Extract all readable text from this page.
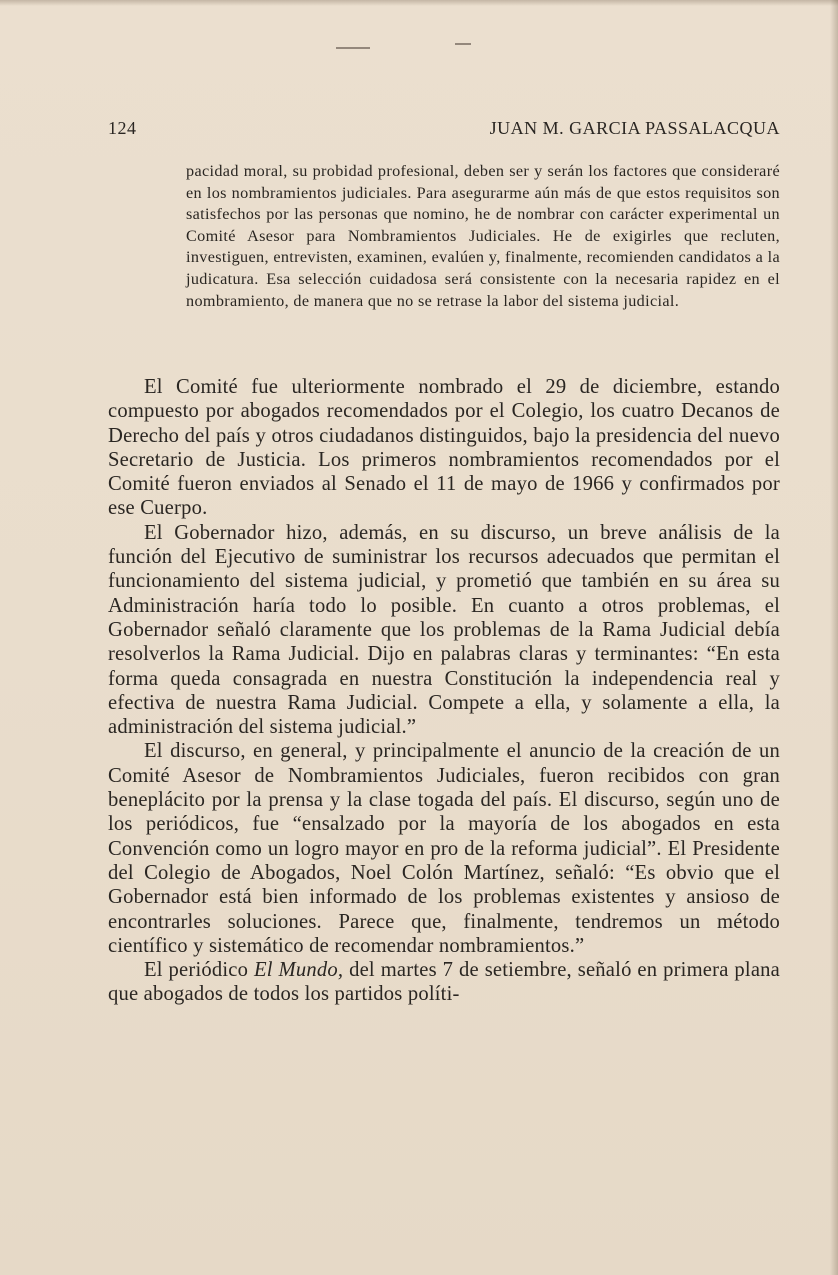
124	JUAN M. GARCIA PASSALACQUA
pacidad moral, su probidad profesional, deben ser y serán los factores que consideraré en los nombramientos judiciales. Para asegurarme aún más de que estos requisitos son satisfechos por las personas que nomino, he de nombrar con carácter experimental un Comité Asesor para Nombramientos Judiciales. He de exigirles que recluten, investiguen, entrevisten, examinen, evalúen y, finalmente, recomienden candidatos a la judicatura. Esa selección cuidadosa será consistente con la necesaria rapidez en el nombramiento, de manera que no se retrase la labor del sistema judicial.

El Comité fue ulteriormente nombrado el 29 de diciembre, estando compuesto por abogados recomendados por el Colegio, los cuatro Decanos de Derecho del país y otros ciudadanos distinguidos, bajo la presidencia del nuevo Secretario de Justicia. Los primeros nombramientos recomendados por el Comité fueron enviados al Senado el 11 de mayo de 1966 y confirmados por ese Cuerpo.

El Gobernador hizo, además, en su discurso, un breve análisis de la función del Ejecutivo de suministrar los recursos adecuados que permitan el funcionamiento del sistema judicial, y prometió que también en su área su Administración haría todo lo posible. En cuanto a otros problemas, el Gobernador señaló claramente que los problemas de la Rama Judicial debía resolverlos la Rama Judicial. Dijo en palabras claras y terminantes: “En esta forma queda consagrada en nuestra Constitución la independencia real y efectiva de nuestra Rama Judicial. Compete a ella, y solamente a ella, la administración del sistema judicial.”

El discurso, en general, y principalmente el anuncio de la creación de un Comité Asesor de Nombramientos Judiciales, fueron recibidos con gran beneplácito por la prensa y la clase togada del país. El discurso, según uno de los periódicos, fue “ensalzado por la mayoría de los abogados en esta Convención como un logro mayor en pro de la reforma judicial”. El Presidente del Colegio de Abogados, Noel Colón Martínez, señaló: “Es obvio que el Gobernador está bien informado de los problemas existentes y ansioso de encontrarles soluciones. Parece que, finalmente, tendremos un método científico y sistemático de recomendar nombramientos.”

El periódico El Mundo, del martes 7 de setiembre, señaló en primera plana que abogados de todos los partidos políti-
